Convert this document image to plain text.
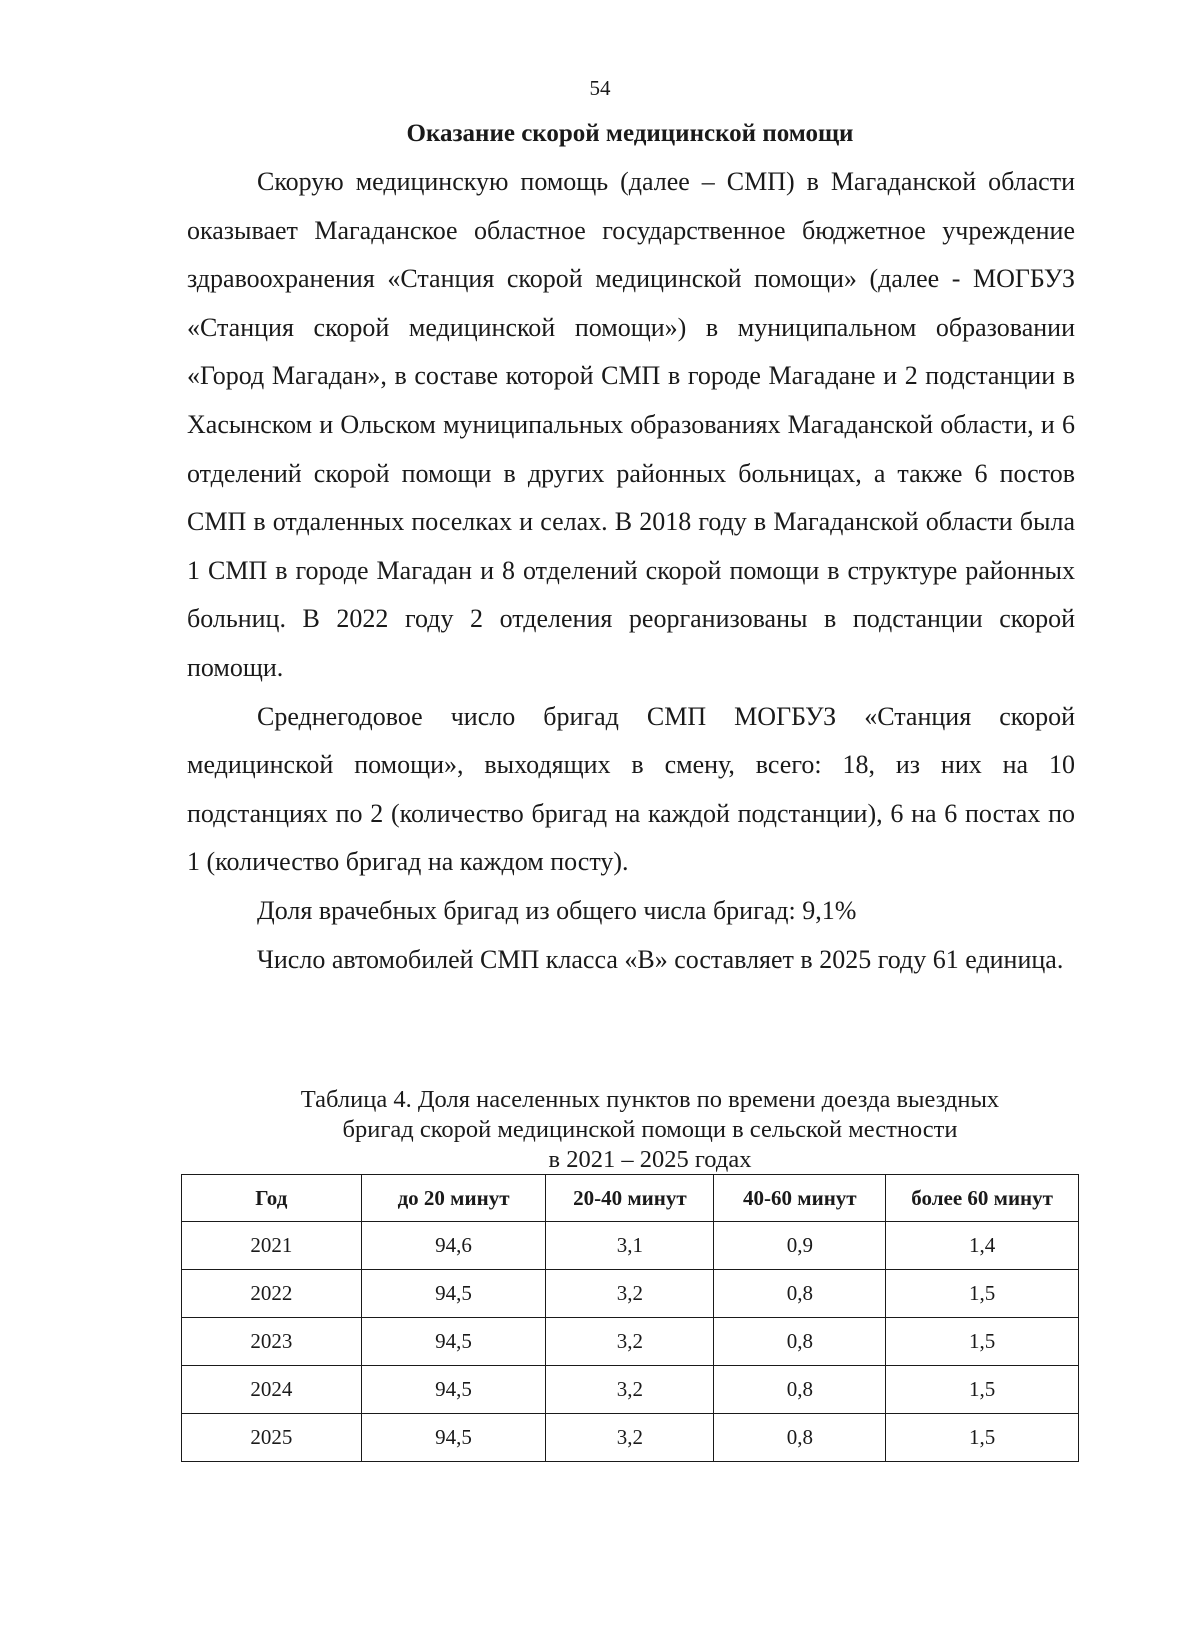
54
Оказание скорой медицинской помощи

Скорую медицинскую помощь (далее – СМП) в Магаданской области оказывает Магаданское областное государственное бюджетное учреждение здравоохранения «Станция скорой медицинской помощи» (далее - МОГБУЗ «Станция скорой медицинской помощи») в муниципальном образовании «Город Магадан», в составе которой СМП в городе Магадане и 2 подстанции в Хасынском и Ольском муниципальных образованиях Магаданской области, и 6 отделений скорой помощи в других районных больницах, а также 6 постов СМП в отдаленных поселках и селах. В 2018 году в Магаданской области была 1 СМП в городе Магадан и 8 отделений скорой помощи в структуре районных больниц. В 2022 году 2 отделения реорганизованы в подстанции скорой помощи.

Среднегодовое число бригад СМП МОГБУЗ «Станция скорой медицинской помощи», выходящих в смену, всего: 18, из них на 10 подстанциях по 2 (количество бригад на каждой подстанции), 6 на 6 постах по 1 (количество бригад на каждом посту).

Доля врачебных бригад из общего числа бригад: 9,1%

Число автомобилей СМП класса «В» составляет в 2025 году 61 единица.

Таблица 4. Доля населенных пунктов по времени доезда выездных
бригад скорой медицинской помощи в сельской местности
в 2021 – 2025 годах
Год	до 20 минут	20-40 минут	40-60 минут	более 60 минут
2021	94,6	3,1	0,9	1,4
2022	94,5	3,2	0,8	1,5
2023	94,5	3,2	0,8	1,5
2024	94,5	3,2	0,8	1,5
2025	94,5	3,2	0,8	1,5
